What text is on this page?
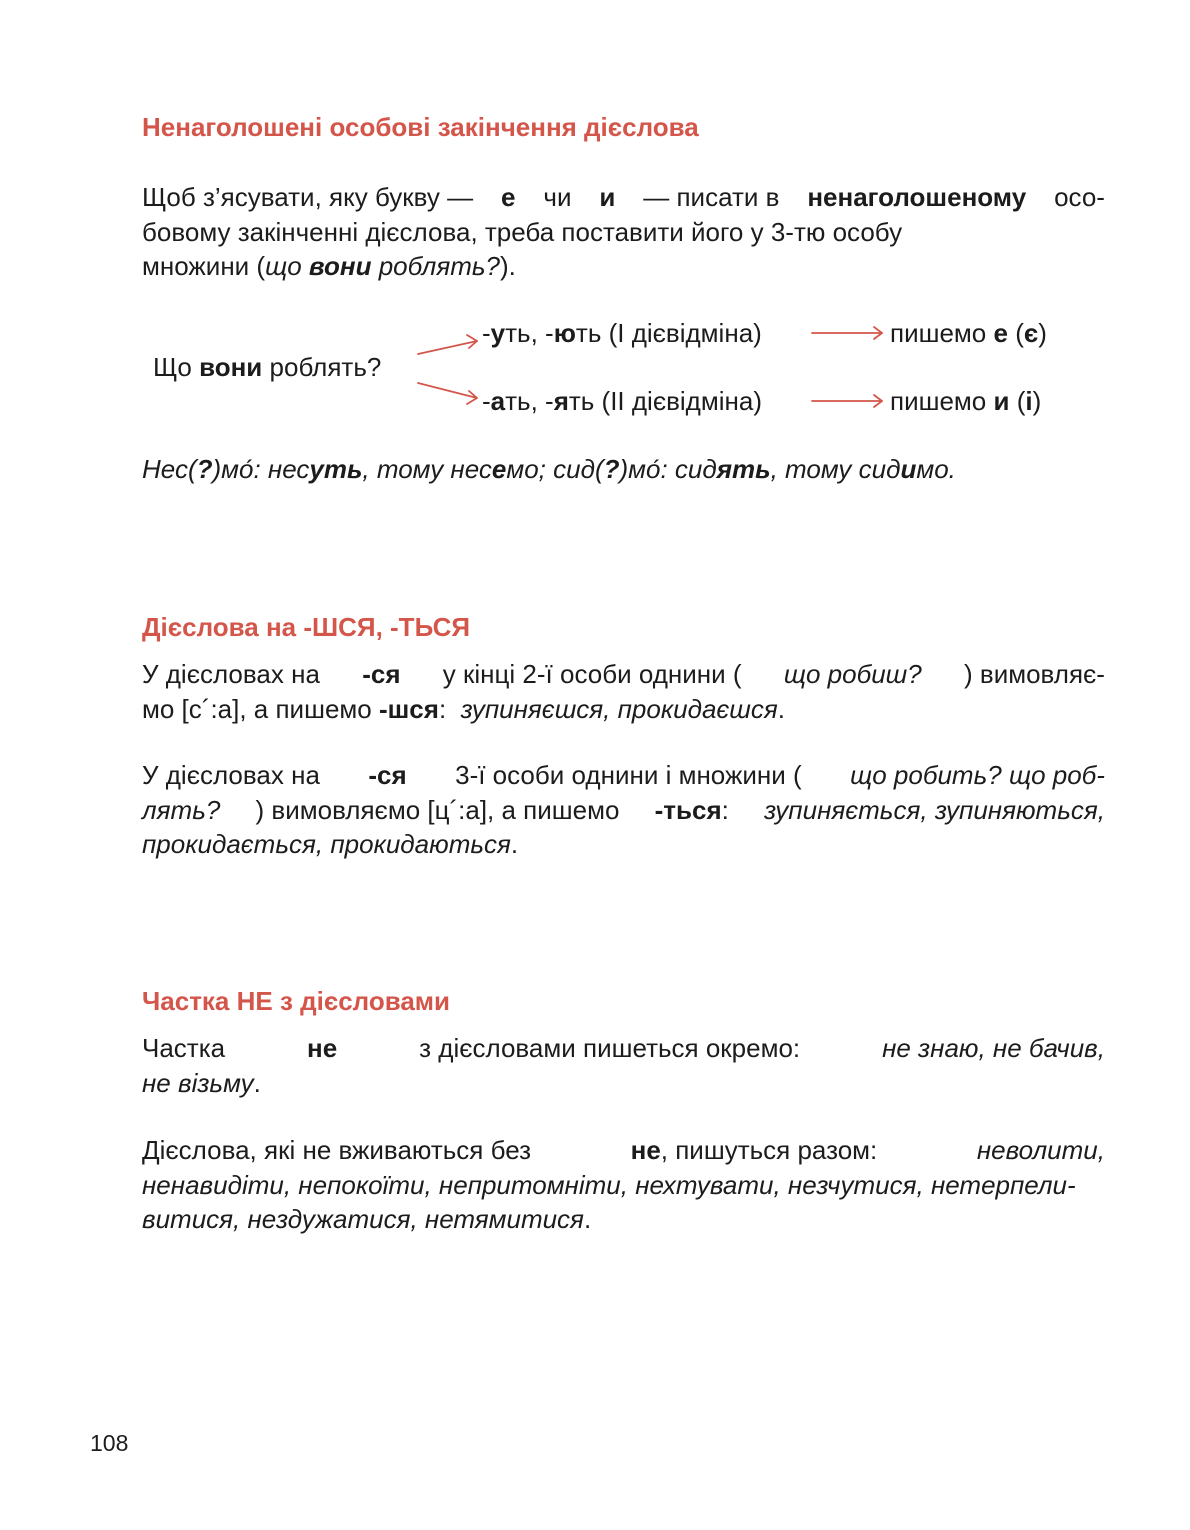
Ненаголошені особові закінчення дієслова
Щоб з’ясувати, яку букву — е чи и — писати в ненаголошеному осо-
бовому закінченні дієслова, треба поставити його у 3-тю особу
множини (що вони роблять?).
Що вони роблять?
-уть, -ють (І дієвідміна)	пишемо е (є)
-ать, -ять (ІІ дієвідміна)	пишемо и (і)
Нес(?)мо́: несуть, тому несемо; сид(?)мо́: сидять, тому сидимо.
Дієслова на -ШСЯ, -ТЬСЯ
У дієсловах на -ся у кінці 2-ї особи однини ( що робиш? ) вимовляє-
мо [с´:а], а пишемо -шся: зупиняєшся, прокидаєшся.
У дієсловах на -ся 3-ї особи однини і множини ( що робить? що роб-
лять? ) вимовляємо [ц´:а], а пишемо -ться: зупиняється, зупиняються,
прокидається, прокидаються.
Частка НЕ з дієсловами
Частка	не	з дієсловами пишеться окремо:	не знаю, не бачив,
не візьму.
Дієслова, які не вживаються без	не, пишуться разом:	неволити,
ненавидіти, непокоїти, непритомніти, нехтувати, незчутися, нетерпели-
витися, нездужатися, нетямитися.
108
